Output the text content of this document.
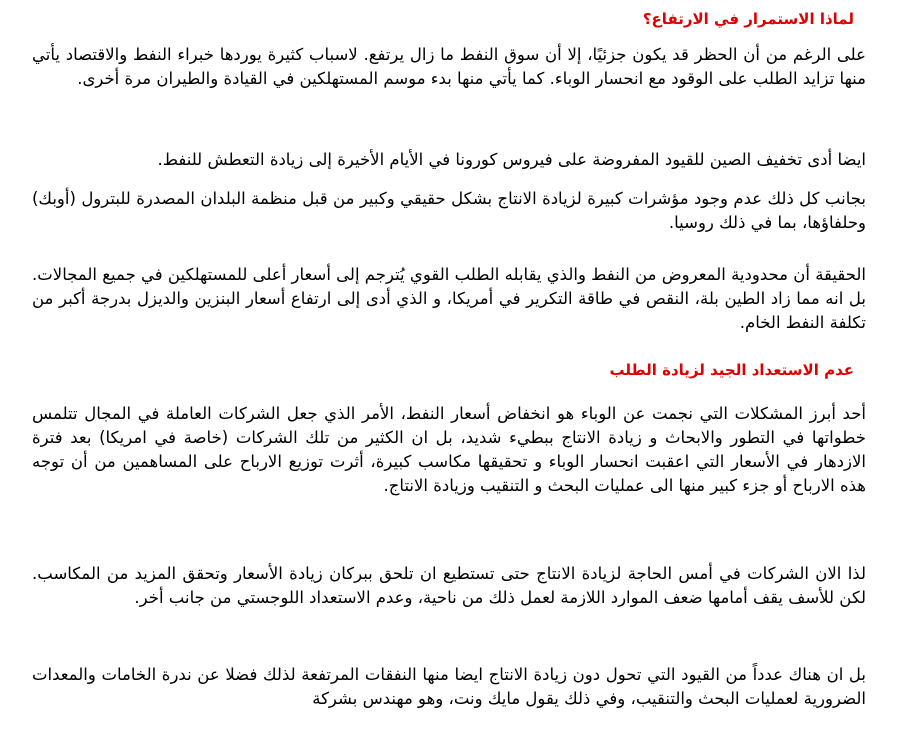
لماذا الاستمرار في الارتفاع؟

على الرغم من أن الحظر قد يكون جزئيًا، إلا أن سوق النفط ما زال يرتفع. لاسباب كثيرة يوردها خبراء النفط والاقتصاد يأتي منها تزايد الطلب على الوقود مع انحسار الوباء. كما يأتي منها بدء موسم المستهلكين في القيادة والطيران مرة أخرى.

ايضا أدى تخفيف الصين للقيود المفروضة على فيروس كورونا في الأيام الأخيرة إلى زيادة التعطش للنفط.

بجانب كل ذلك عدم وجود مؤشرات كبيرة لزيادة الانتاج بشكل حقيقي وكبير من قبل منظمة البلدان المصدرة للبترول (أوبك) وحلفاؤها، بما في ذلك روسيا.

الحقيقة أن محدودية المعروض من النفط والذي يقابله الطلب القوي يُترجم إلى أسعار أعلى للمستهلكين في جميع المجالات. بل انه مما زاد الطين بلة، النقص في طاقة التكرير في أمريكا، و الذي أدى إلى ارتفاع أسعار البنزين والديزل بدرجة أكبر من تكلفة النفط الخام.

عدم الاستعداد الجيد لزيادة الطلب

أحد أبرز المشكلات التي نجمت عن الوباء هو انخفاض أسعار النفط، الأمر الذي جعل الشركات العاملة في المجال تتلمس خطواتها في التطور والابحاث و زيادة الانتاج ببطيء شديد، بل ان الكثير من تلك الشركات (خاصة في امريكا) بعد فترة الازدهار في الأسعار التي اعقبت انحسار الوباء و تحقيقها مكاسب كبيرة، أثرت توزيع الارباح على المساهمين من أن توجه هذه الارباح أو جزء كبير منها الى عمليات البحث و التنقيب وزيادة الانتاج.

لذا الان الشركات في أمس الحاجة لزيادة الانتاج حتى تستطيع ان تلحق ببركان زيادة الأسعار وتحقق المزيد من المكاسب. لكن للأسف يقف أمامها ضعف الموارد اللازمة لعمل ذلك من ناحية، وعدم الاستعداد اللوجستي من جانب أخر.

بل ان هناك عدداً من القيود التي تحول دون زيادة الانتاج ايضا منها النفقات المرتفعة لذلك فضلا عن ندرة الخامات والمعدات الضرورية لعمليات البحث والتنقيب، وفي ذلك يقول مايك ونت، وهو مهندس بشركة
